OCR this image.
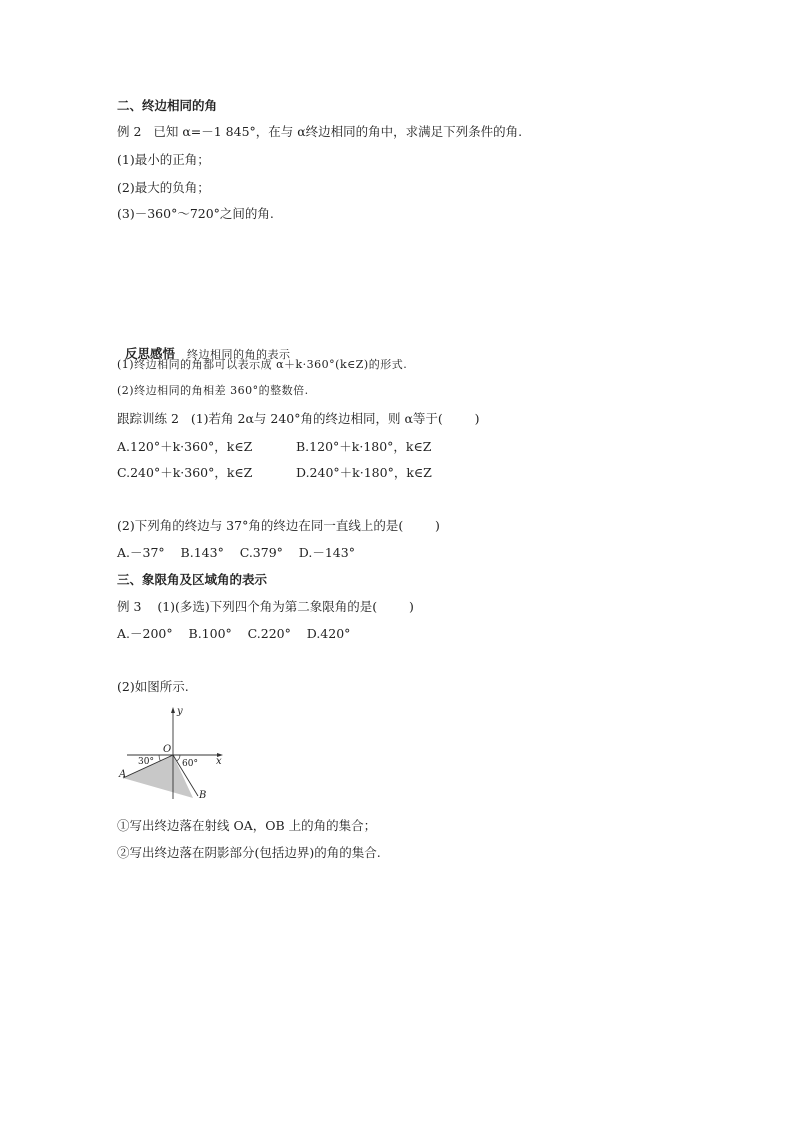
二、终边相同的角
例 2   已知 α=－1 845°，在与 α终边相同的角中，求满足下列条件的角.
(1)最小的正角；
(2)最大的负角；
(3)－360°～720°之间的角.

反思感悟 终边相同的角的表示

(1)终边相同的角都可以表示成 α＋k·360°(k∈Z)的形式.
(2)终边相同的角相差 360°的整数倍.
跟踪训练 2   (1)若角 2α与 240°角的终边相同，则 α等于(        )
A.120°＋k·360°，k∈Z	B.120°＋k·180°，k∈Z
C.240°＋k·360°，k∈Z	D.240°＋k·180°，k∈Z
(2)下列角的终边与 37°角的终边在同一直线上的是(        )
A.－37°    B.143°    C.379°    D.－143°
三、象限角及区域角的表示
例 3    (1)(多选)下列四个角为第二象限角的是(        )
A.－200°    B.100°    C.220°    D.420°
(2)如图所示.
y
x
O
A
B
30°	60°
①写出终边落在射线 OA，OB 上的角的集合；
②写出终边落在阴影部分(包括边界)的角的集合.
